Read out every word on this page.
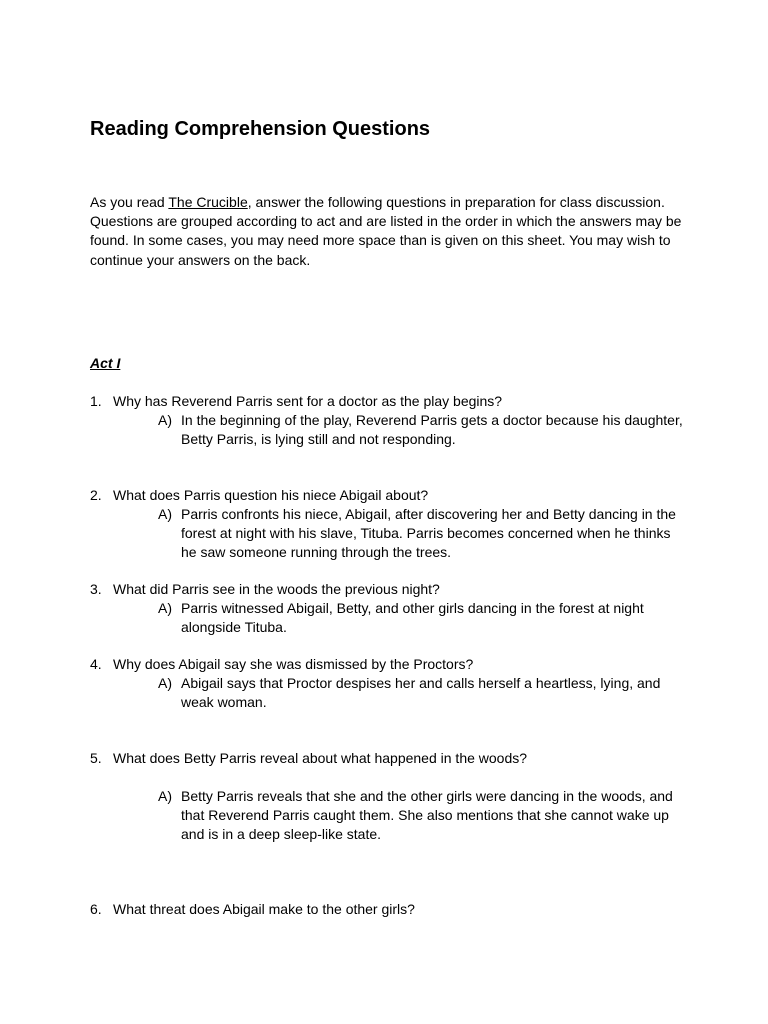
Reading Comprehension Questions

As you read The Crucible, answer the following questions in preparation for class discussion. Questions are grouped according to act and are listed in the order in which the answers may be found. In some cases, you may need more space than is given on this sheet. You may wish to continue your answers on the back.

Act I
1. Why has Reverend Parris sent for a doctor as the play begins?
A) In the beginning of the play, Reverend Parris gets a doctor because his daughter, Betty Parris, is lying still and not responding.
2. What does Parris question his niece Abigail about?
A) Parris confronts his niece, Abigail, after discovering her and Betty dancing in the forest at night with his slave, Tituba. Parris becomes concerned when he thinks he saw someone running through the trees.
3. What did Parris see in the woods the previous night?
A) Parris witnessed Abigail, Betty, and other girls dancing in the forest at night alongside Tituba.
4. Why does Abigail say she was dismissed by the Proctors?
A) Abigail says that Proctor despises her and calls herself a heartless, lying, and weak woman.
5. What does Betty Parris reveal about what happened in the woods?
A) Betty Parris reveals that she and the other girls were dancing in the woods, and that Reverend Parris caught them. She also mentions that she cannot wake up and is in a deep sleep-like state.
6. What threat does Abigail make to the other girls?
